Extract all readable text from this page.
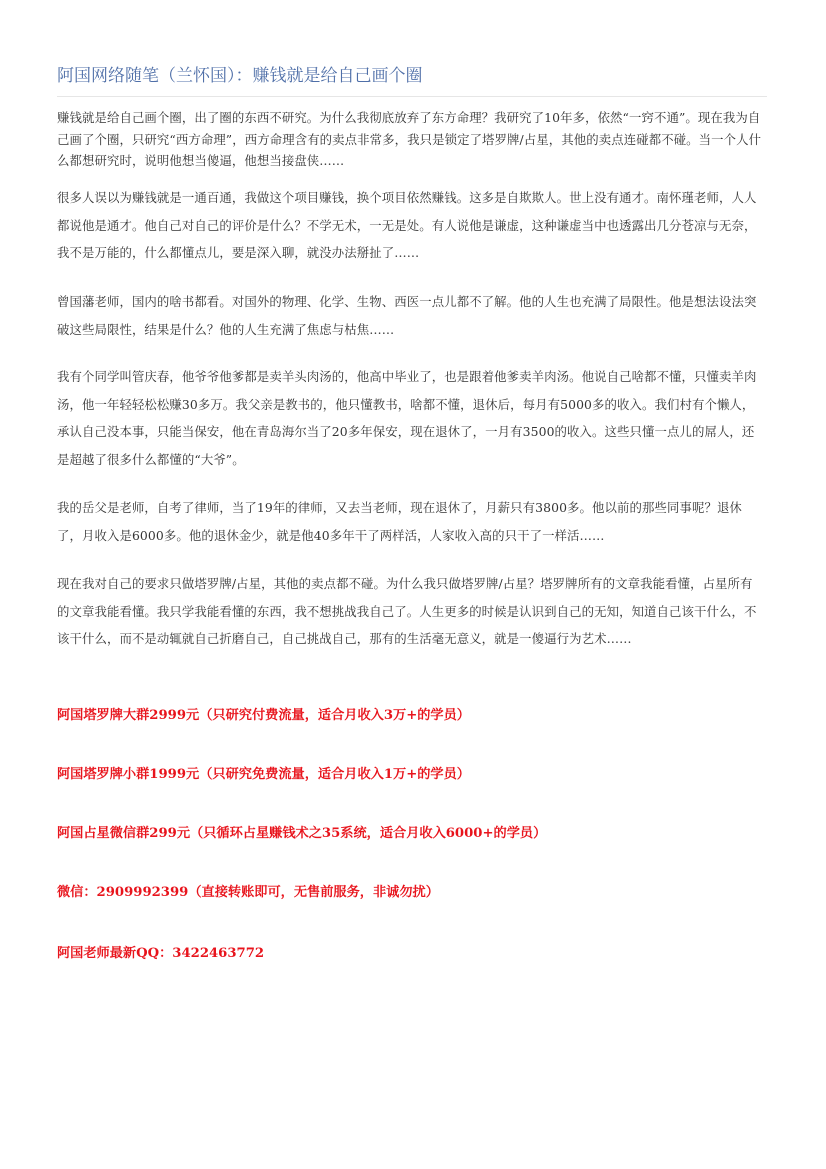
阿国网络随笔（兰怀国）：赚钱就是给自己画个圈

赚钱就是给自己画个圈，出了圈的东西不研究。为什么我彻底放弃了东方命理？我研究了10年多，依然“一窍不通”。现在我为自己画了个圈，只研究“西方命理”，西方命理含有的卖点非常多，我只是锁定了塔罗牌/占星，其他的卖点连碰都不碰。当一个人什么都想研究时，说明他想当傻逼，他想当接盘侠……

很多人误以为赚钱就是一通百通，我做这个项目赚钱，换个项目依然赚钱。这多是自欺欺人。世上没有通才。南怀瑾老师，人人都说他是通才。他自己对自己的评价是什么？不学无术，一无是处。有人说他是谦虚，这种谦虚当中也透露出几分苍凉与无奈，我不是万能的，什么都懂点儿，要是深入聊，就没办法掰扯了……

曾国藩老师，国内的啥书都看。对国外的物理、化学、生物、西医一点儿都不了解。他的人生也充满了局限性。他是想法设法突破这些局限性，结果是什么？他的人生充满了焦虑与枯焦……

我有个同学叫管庆春，他爷爷他爹都是卖羊头肉汤的，他高中毕业了，也是跟着他爹卖羊肉汤。他说自己啥都不懂，只懂卖羊肉汤，他一年轻轻松松赚30多万。我父亲是教书的，他只懂教书，啥都不懂，退休后，每月有5000多的收入。我们村有个懒人，承认自己没本事，只能当保安，他在青岛海尔当了20多年保安，现在退休了，一月有3500的收入。这些只懂一点儿的屌人，还是超越了很多什么都懂的“大爷”。

我的岳父是老师，自考了律师，当了19年的律师，又去当老师，现在退休了，月薪只有3800多。他以前的那些同事呢？退休了，月收入是6000多。他的退休金少，就是他40多年干了两样活，人家收入高的只干了一样活……

现在我对自己的要求只做塔罗牌/占星，其他的卖点都不碰。为什么我只做塔罗牌/占星？塔罗牌所有的文章我能看懂，占星所有的文章我能看懂。我只学我能看懂的东西，我不想挑战我自己了。人生更多的时候是认识到自己的无知，知道自己该干什么，不该干什么，而不是动辄就自己折磨自己，自己挑战自己，那有的生活毫无意义，就是一傻逼行为艺术……

阿国塔罗牌大群2999元（只研究付费流量，适合月收入3万+的学员）

阿国塔罗牌小群1999元（只研究免费流量，适合月收入1万+的学员）

阿国占星微信群299元（只循环占星赚钱术之35系统，适合月收入6000+的学员）

微信：2909992399（直接转账即可，无售前服务，非诚勿扰）

阿国老师最新QQ：3422463772
